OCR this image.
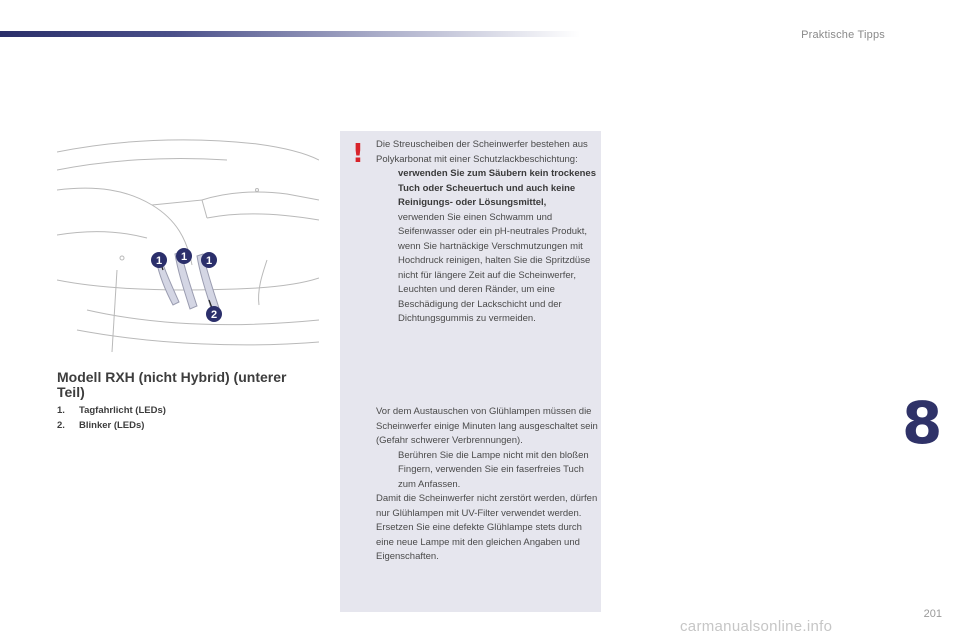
Praktische Tipps
1 1 1
2
Modell RXH (nicht Hybrid) (unterer Teil)
1.	Tagfahrlicht (LEDs)
2.	Blinker (LEDs)
! Die Streuscheiben der Scheinwerfer bestehen aus Polykarbonat mit einer Schutzlackbeschichtung:
verwenden Sie zum Säubern kein trockenes Tuch oder Scheuertuch und auch keine Reinigungs- oder Lösungsmittel,
verwenden Sie einen Schwamm und Seifenwasser oder ein pH-neutrales Produkt,
wenn Sie hartnäckige Verschmutzungen mit Hochdruck reinigen, halten Sie die Spritzdüse nicht für längere Zeit auf die Scheinwerfer, Leuchten und deren Ränder, um eine Beschädigung der Lackschicht und der Dichtungsgummis zu vermeiden.
Vor dem Austauschen von Glühlampen müssen die Scheinwerfer einige Minuten lang ausgeschaltet sein (Gefahr schwerer Verbrennungen).
Berühren Sie die Lampe nicht mit den bloßen Fingern, verwenden Sie ein faserfreies Tuch zum Anfassen.
Damit die Scheinwerfer nicht zerstört werden, dürfen nur Glühlampen mit UV-Filter verwendet werden.
Ersetzen Sie eine defekte Glühlampe stets durch eine neue Lampe mit den gleichen Angaben und Eigenschaften.
8
201
carmanualsonline.info
